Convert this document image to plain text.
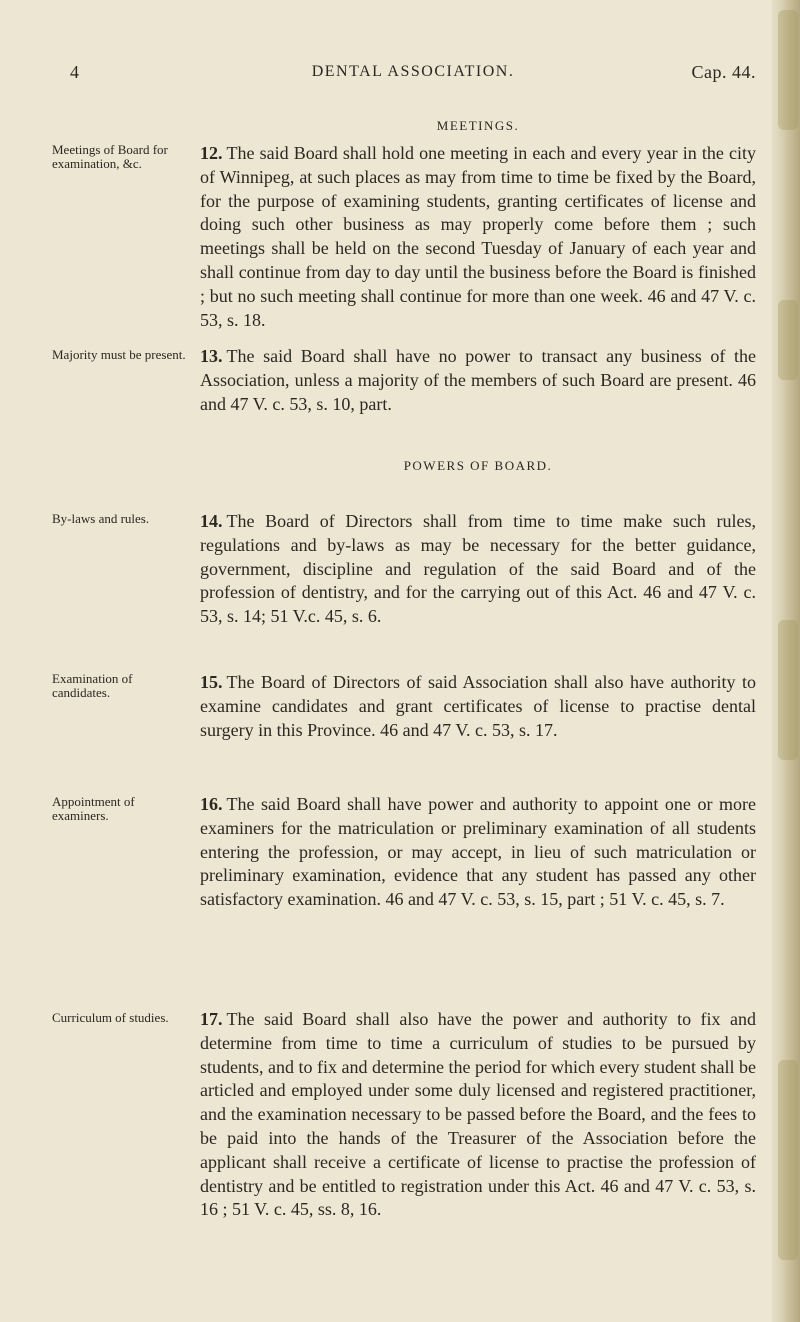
4	DENTAL ASSOCIATION.	Cap. 44.
MEETINGS.
Meetings of Board for examination, &c.

12. The said Board shall hold one meeting in each and every year in the city of Winnipeg, at such places as may from time to time be fixed by the Board, for the purpose of examining students, granting certificates of license and doing such other business as may properly come before them ; such meetings shall be held on the second Tuesday of January of each year and shall continue from day to day until the business before the Board is finished ; but no such meeting shall continue for more than one week. 46 and 47 V. c. 53, s. 18.

Majority must be present. 13. The said Board shall have no power to transact any business of the Association, unless a majority of the members of such Board are present. 46 and 47 V. c. 53, s. 10, part.

POWERS OF BOARD.
By-laws and rules.	14. The Board of Directors shall from time to time make such rules, regulations and by-laws as may be necessary for the better guidance, government, discipline and regulation of the said Board and of the profession of dentistry, and for the carrying out of this Act. 46 and 47 V. c. 53, s. 14; 51 V.c. 45, s. 6.

Examination of candidates.

15. The Board of Directors of said Association shall also have authority to examine candidates and grant certificates of license to practise dental surgery in this Province. 46 and 47 V. c. 53, s. 17.

Appointment of examiners.

16. The said Board shall have power and authority to appoint one or more examiners for the matriculation or preliminary examination of all students entering the profession, or may accept, in lieu of such matriculation or preliminary examination, evidence that any student has passed any other satisfactory examination. 46 and 47 V. c. 53, s. 15, part ; 51 V. c. 45, s. 7.

Curriculum of studies.	17. The said Board shall also have the power and authority to fix and determine from time to time a curriculum of studies to be pursued by students, and to fix and determine the period for which every student shall be articled and employed under some duly licensed and registered practitioner, and the examination necessary to be passed before the Board, and the fees to be paid into the hands of the Treasurer of the Association before the applicant shall receive a certificate of license to practise the profession of dentistry and be entitled to registration under this Act. 46 and 47 V. c. 53, s. 16 ; 51 V. c. 45, ss. 8, 16.
